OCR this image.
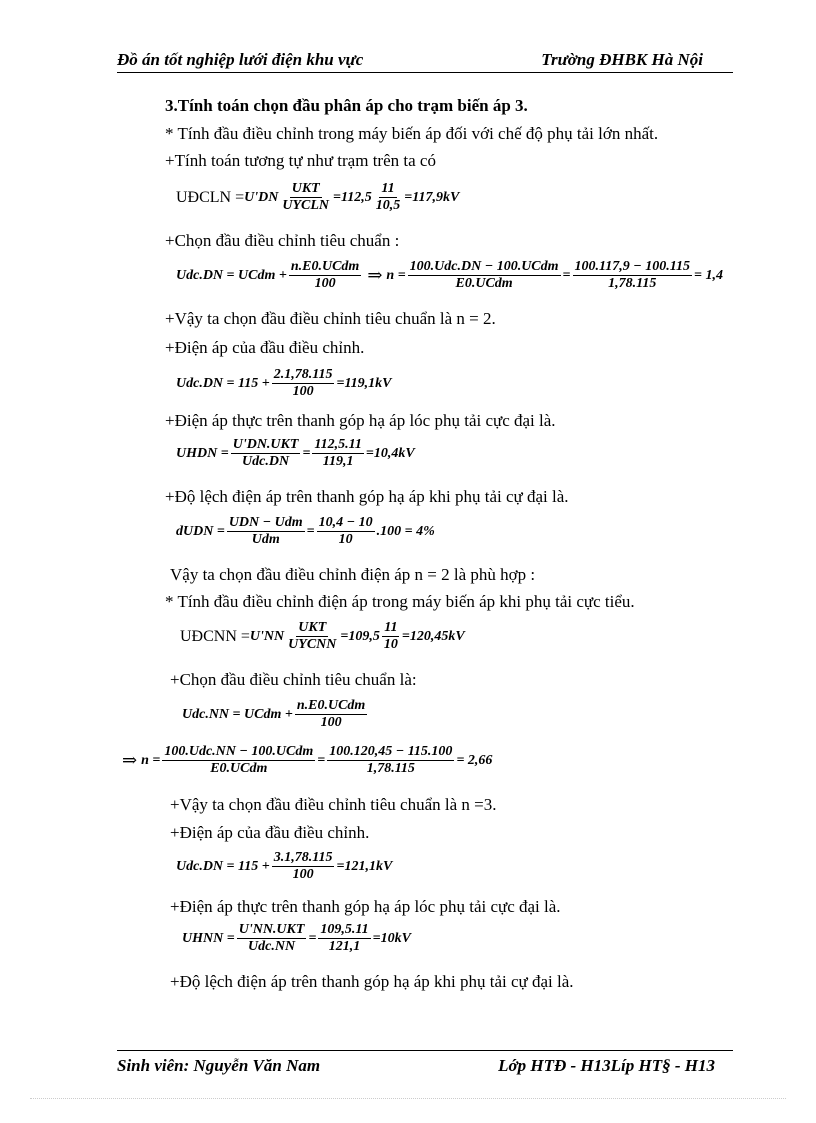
Đồ án tốt nghiệp lưới điện khu vực	Trường ĐHBK Hà Nội
3.Tính toán chọn đầu phân áp cho trạm biến áp 3.
* Tính đầu điều chỉnh trong máy biến áp đối với chế độ phụ tải lớn nhất.
+Tính toán tương tự như trạm trên ta có
UĐCLN = $U'DN \frac{\text{UKT}}{\text{UYCLN}} =112,5 \frac{11}{10,5} =117,9kV$
+Chọn đầu điều chỉnh tiêu chuẩn :
Udc.DN = UCdm + $\frac{\text{n.E0.UCdm}}{100}$ ⇒ $n = \frac{\text{100.Udc.DN − 100.UCdm}}{\text{E0.UCdm}} = \frac{100.117,9 - 100.115}{1,78.115} = 1,4$
+Vậy ta chọn đầu điều chỉnh tiêu chuẩn là n = 2.
+Điện áp của đầu điều chỉnh.
$Udc.DN = 115 + \frac{2.1,78.115}{100} =119,1kV$
+Điện áp thực trên thanh góp hạ áp lóc phụ tải cực đại là.
UHDN = $\frac{\text{U'DN.UKT}}{\text{Udc.DN}} = \frac{112,5.11}{119,1} =10,4kV$
+Độ lệch điện áp trên thanh góp hạ áp khi phụ tải cự đại là.
dUDN = $\frac{\text{UDN − Udm}}{\text{Udm}} = \frac{10,4 - 10}{10} .100 = 4\%$
Vậy ta chọn đầu điều chỉnh điện áp n = 2 là phù hợp :
* Tính đầu điều chỉnh điện áp trong máy biến áp khi phụ tải cực tiểu.
UĐCNN = $U'NN \frac{\text{UKT}}{\text{UYCNN}} =109,5 \frac{11}{10} =120,45kV$
+Chọn đầu điều chỉnh tiêu chuẩn là:
Udc.NN = UCdm + $\frac{\text{n.E0.UCdm}}{100}$
⇒ $n = \frac{\text{100.Udc.NN − 100.UCdm}}{\text{E0.UCdm}} = \frac{100.120,45 - 115.100}{1,78.115} = 2,66$
+Vậy ta chọn đầu điều chỉnh tiêu chuẩn là n =3.
+Điện áp của đầu điều chỉnh.
$Udc.DN = 115 + \frac{3.1,78.115}{100} =121,1kV$
+Điện áp thực trên thanh góp hạ áp lóc phụ tải cực đại là.
UHNN = $\frac{\text{U'NN.UKT}}{\text{Udc.NN}} = \frac{109,5.11}{121,1} =10kV$
+Độ lệch điện áp trên thanh góp hạ áp khi phụ tải cự đại là.
Sinh viên: Nguyễn Văn Nam	Lớp HTĐ - H13Líp HT§ - H13
